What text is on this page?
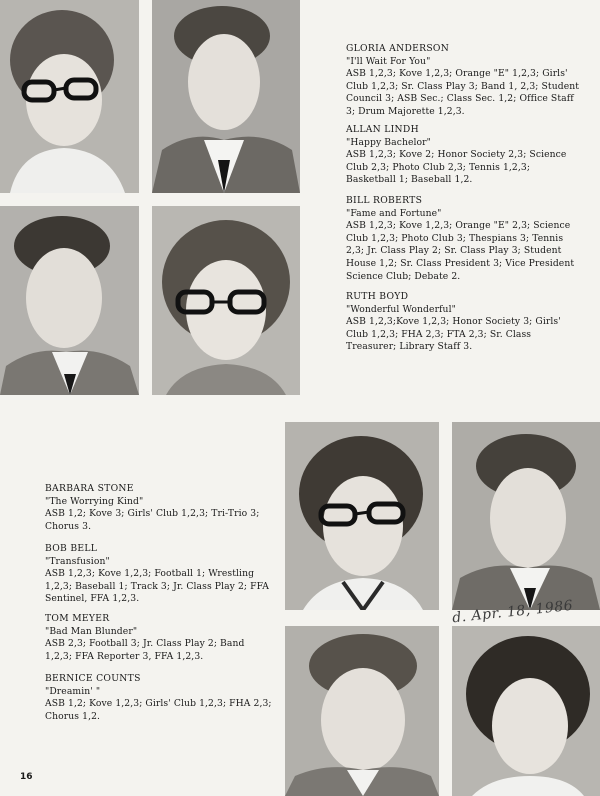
GLORIA ANDERSON
"I'll Wait For You"
ASB 1,2,3; Kove 1,2,3; Orange "E" 1,2,3; Girls' Club 1,2,3; Sr. Class Play 3; Band 1, 2,3; Student Council 3; ASB Sec.; Class Sec. 1,2; Office Staff 3; Drum Majorette 1,2,3.
ALLAN LINDH
"Happy Bachelor"
ASB 1,2,3; Kove 2; Honor Society 2,3; Science Club 2,3; Photo Club 2,3; Tennis 1,2,3; Basketball 1; Baseball 1,2.
BILL ROBERTS
"Fame and Fortune"
ASB 1,2,3; Kove 1,2,3; Orange "E" 2,3; Science Club 1,2,3; Photo Club 3; Thespians 3; Tennis 2,3; Jr. Class Play 2; Sr. Class Play 3; Student House 1,2; Sr. Class President 3; Vice President Science Club; Debate 2.
RUTH BOYD
"Wonderful Wonderful"
ASB 1,2,3;Kove 1,2,3; Honor Society 3; Girls' Club 1,2,3; FHA 2,3; FTA 2,3; Sr. Class Treasurer; Library Staff 3.
BARBARA STONE
"The Worrying Kind"
ASB 1,2; Kove 3; Girls' Club 1,2,3; Tri-Trio 3; Chorus 3.
BOB BELL
"Transfusion"
ASB 1,2,3; Kove 1,2,3; Football 1; Wrestling 1,2,3; Baseball 1; Track 3; Jr. Class Play 2; FFA Sentinel, FFA 1,2,3.
TOM MEYER
"Bad Man Blunder"
ASB 2,3; Football 3; Jr. Class Play 2; Band 1,2,3; FFA Reporter 3, FFA 1,2,3.
BERNICE COUNTS
"Dreamin' "
ASB 1,2; Kove 1,2,3; Girls' Club 1,2,3; FHA 2,3; Chorus 1,2.
d. Apr. 18, 1986
16
